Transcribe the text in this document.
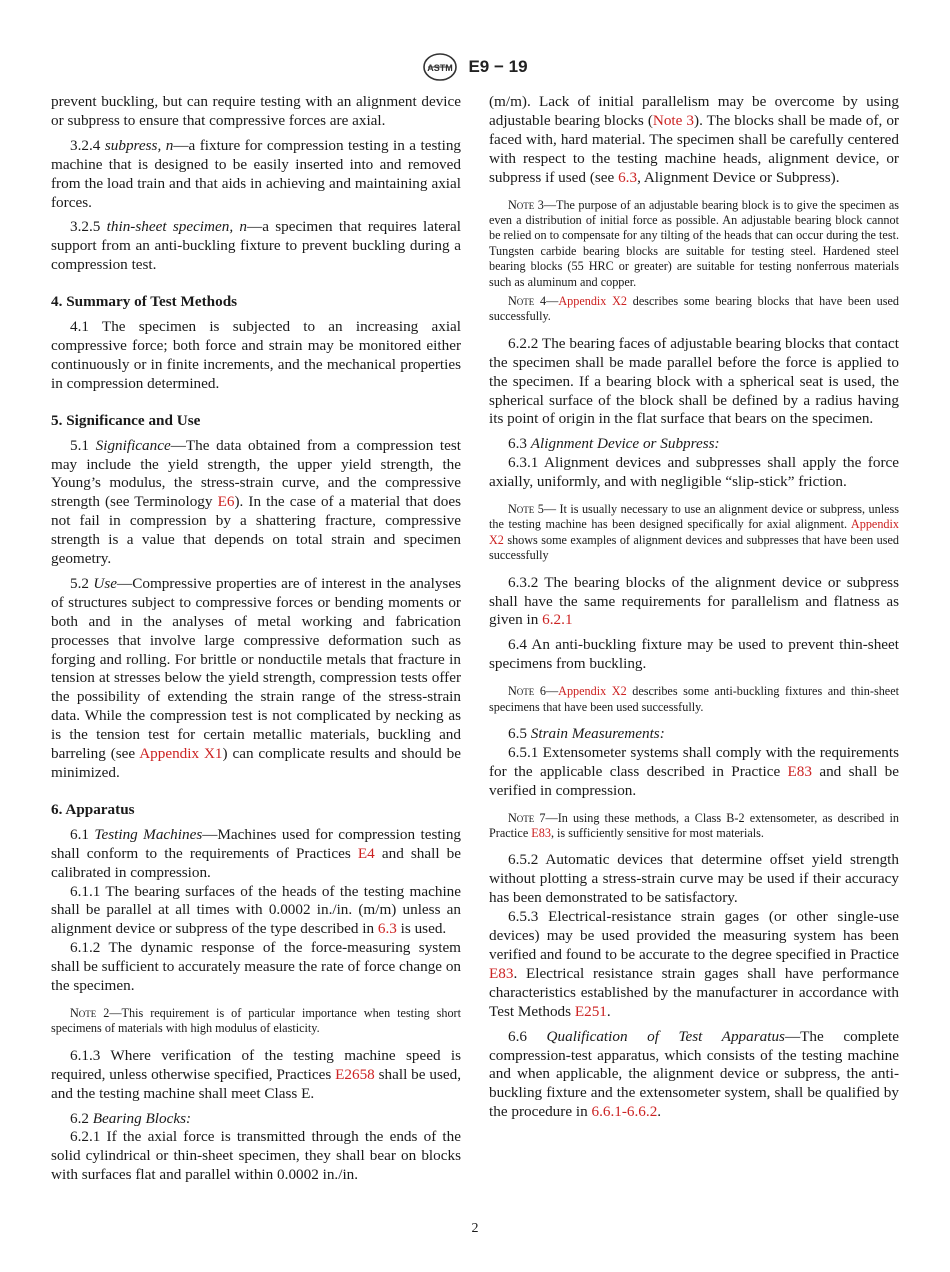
ASTM E9 − 19

prevent buckling, but can require testing with an alignment device or subpress to ensure that compressive forces are axial.

3.2.4 subpress, n—a fixture for compression testing in a testing machine that is designed to be easily inserted into and removed from the load train and that aids in achieving and maintaining axial forces.

3.2.5 thin-sheet specimen, n—a specimen that requires lateral support from an anti-buckling fixture to prevent buckling during a compression test.

4. Summary of Test Methods

4.1 The specimen is subjected to an increasing axial compressive force; both force and strain may be monitored either continuously or in finite increments, and the mechanical properties in compression determined.

5. Significance and Use

5.1 Significance—The data obtained from a compression test may include the yield strength, the upper yield strength, the Young’s modulus, the stress-strain curve, and the compressive strength (see Terminology E6). In the case of a material that does not fail in compression by a shattering fracture, compressive strength is a value that depends on total strain and specimen geometry.

5.2 Use—Compressive properties are of interest in the analyses of structures subject to compressive forces or bending moments or both and in the analyses of metal working and fabrication processes that involve large compressive deformation such as forging and rolling. For brittle or nonductile metals that fracture in tension at stresses below the yield strength, compression tests offer the possibility of extending the strain range of the stress-strain data. While the compression test is not complicated by necking as is the tension test for certain metallic materials, buckling and barreling (see Appendix X1) can complicate results and should be minimized.

6. Apparatus

6.1 Testing Machines—Machines used for compression testing shall conform to the requirements of Practices E4 and shall be calibrated in compression.

6.1.1 The bearing surfaces of the heads of the testing machine shall be parallel at all times with 0.0002 in./in. (m/m) unless an alignment device or subpress of the type described in 6.3 is used.

6.1.2 The dynamic response of the force-measuring system shall be sufficient to accurately measure the rate of force change on the specimen.

Note 2—This requirement is of particular importance when testing short specimens of materials with high modulus of elasticity.

6.1.3 Where verification of the testing machine speed is required, unless otherwise specified, Practices E2658 shall be used, and the testing machine shall meet Class E.

6.2 Bearing Blocks:

6.2.1 If the axial force is transmitted through the ends of the solid cylindrical or thin-sheet specimen, they shall bear on blocks with surfaces flat and parallel within 0.0002 in./in.

(m/m). Lack of initial parallelism may be overcome by using adjustable bearing blocks (Note 3). The blocks shall be made of, or faced with, hard material. The specimen shall be carefully centered with respect to the testing machine heads, alignment device, or subpress if used (see 6.3, Alignment Device or Subpress).

Note 3—The purpose of an adjustable bearing block is to give the specimen as even a distribution of initial force as possible. An adjustable bearing block cannot be relied on to compensate for any tilting of the heads that can occur during the test. Tungsten carbide bearing blocks are suitable for testing steel. Hardened steel bearing blocks (55 HRC or greater) are suitable for testing nonferrous materials such as aluminum and copper.

Note 4—Appendix X2 describes some bearing blocks that have been used successfully.

6.2.2 The bearing faces of adjustable bearing blocks that contact the specimen shall be made parallel before the force is applied to the specimen. If a bearing block with a spherical seat is used, the spherical surface of the block shall be defined by a radius having its point of origin in the flat surface that bears on the specimen.

6.3 Alignment Device or Subpress:

6.3.1 Alignment devices and subpresses shall apply the force axially, uniformly, and with negligible “slip-stick” friction.

Note 5— It is usually necessary to use an alignment device or subpress, unless the testing machine has been designed specifically for axial alignment. Appendix X2 shows some examples of alignment devices and subpresses that have been used successfully

6.3.2 The bearing blocks of the alignment device or subpress shall have the same requirements for parallelism and flatness as given in 6.2.1

6.4 An anti-buckling fixture may be used to prevent thin-sheet specimens from buckling.

Note 6—Appendix X2 describes some anti-buckling fixtures and thin-sheet specimens that have been used successfully.

6.5 Strain Measurements:

6.5.1 Extensometer systems shall comply with the requirements for the applicable class described in Practice E83 and shall be verified in compression.

Note 7—In using these methods, a Class B-2 extensometer, as described in Practice E83, is sufficiently sensitive for most materials.

6.5.2 Automatic devices that determine offset yield strength without plotting a stress-strain curve may be used if their accuracy has been demonstrated to be satisfactory.

6.5.3 Electrical-resistance strain gages (or other single-use devices) may be used provided the measuring system has been verified and found to be accurate to the degree specified in Practice E83. Electrical resistance strain gages shall have performance characteristics established by the manufacturer in accordance with Test Methods E251.

6.6 Qualification of Test Apparatus—The complete compression-test apparatus, which consists of the testing machine and when applicable, the alignment device or subpress, the anti-buckling fixture and the extensometer system, shall be qualified by the procedure in 6.6.1-6.6.2.

2
